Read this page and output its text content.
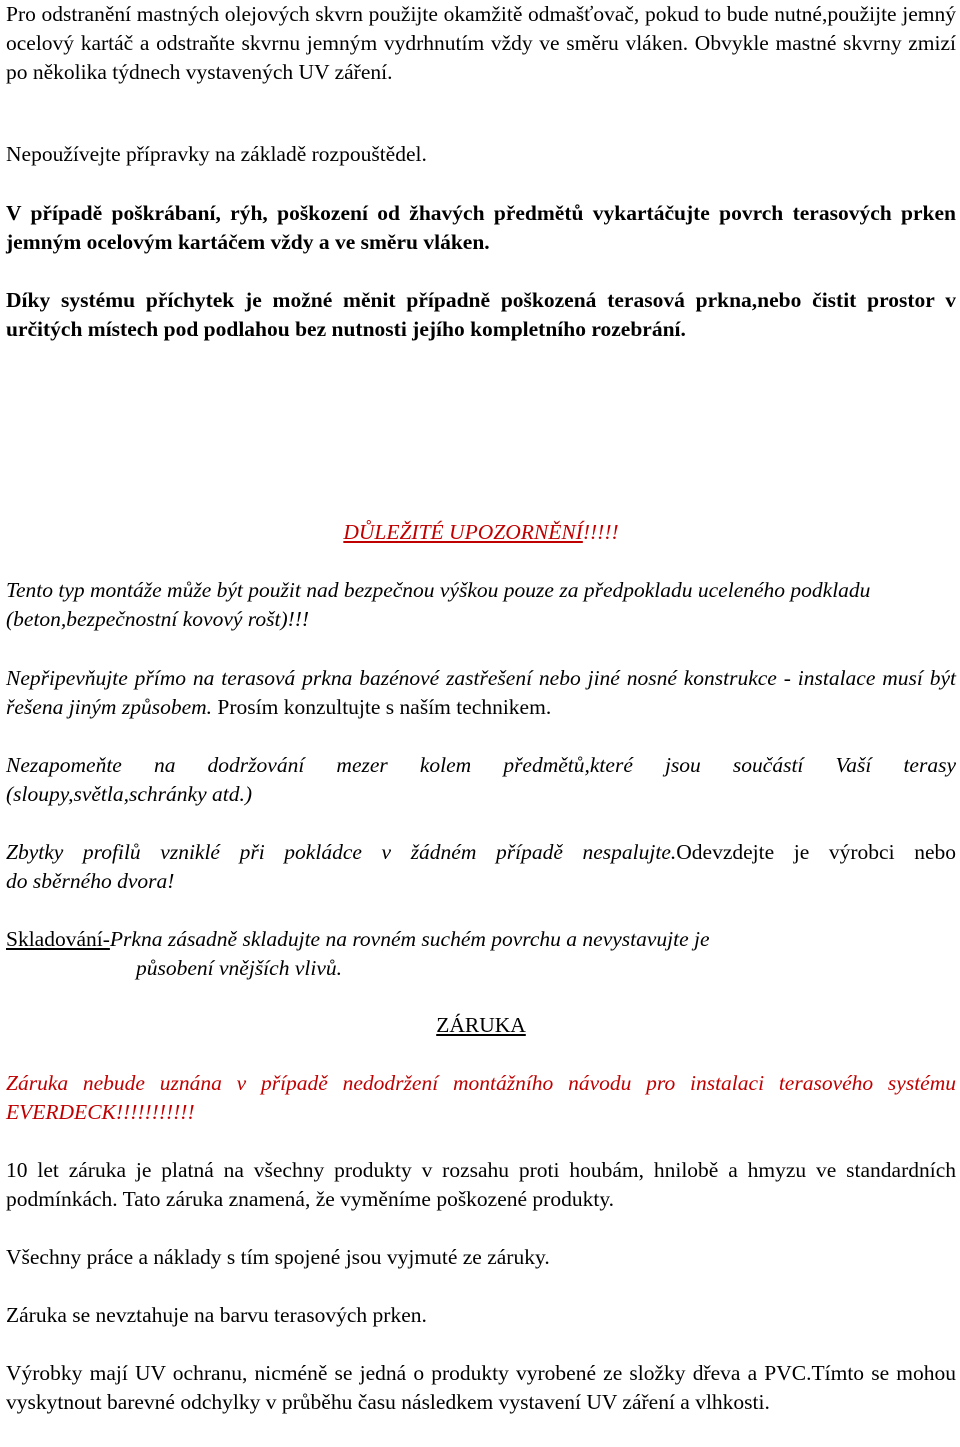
Pro odstranění mastných olejových skvrn použijte okamžitě odmašťovač, pokud to bude nutné,použijte jemný ocelový kartáč a odstraňte skvrnu jemným vydrhnutím vždy ve směru vláken. Obvykle mastné skvrny zmizí po několika týdnech vystavených UV záření.

Nepoužívejte přípravky na základě rozpouštědel.

V případě poškrábaní, rýh, poškození od žhavých předmětů vykartáčujte povrch terasových prken jemným ocelovým kartáčem vždy a ve směru vláken.

Díky systému příchytek je možné měnit případně poškozená terasová prkna,nebo čistit prostor v určitých místech pod podlahou bez nutnosti jejího kompletního rozebrání.

DŮLEŽITÉ UPOZORNĚNÍ!!!!!

Tento typ montáže může být použit nad bezpečnou výškou pouze za předpokladu uceleného podkladu (beton,bezpečnostní kovový rošt)!!!

Nepřipevňujte přímo na terasová prkna bazénové zastřešení nebo jiné nosné konstrukce - instalace musí být řešena jiným způsobem. Prosím konzultujte s naším technikem.

Nezapomeňte na dodržování mezer kolem předmětů,které jsou součástí Vaší terasy
(sloupy,světla,schránky atd.)

Zbytky profilů vzniklé při pokládce v žádném případě nespalujte.Odevzdejte je výrobci nebo
do sběrného dvora!

Skladování-Prkna zásadně skladujte na rovném suchém povrchu a nevystavujte je
působení vnějších vlivů.

ZÁRUKA

Záruka nebude uznána v případě nedodržení montážního návodu pro instalaci terasového systému EVERDECK!!!!!!!!!!!

10 let záruka je platná na všechny produkty v rozsahu proti houbám, hnilobě a hmyzu ve standardních podmínkách. Tato záruka znamená, že vyměníme poškozené produkty.

Všechny práce a náklady s tím spojené jsou vyjmuté ze záruky.

Záruka se nevztahuje na barvu terasových prken.

Výrobky mají UV ochranu, nicméně se jedná o produkty vyrobené ze složky dřeva a PVC.Tímto se mohou vyskytnout barevné odchylky v průběhu času následkem vystavení UV záření a vlhkosti.
